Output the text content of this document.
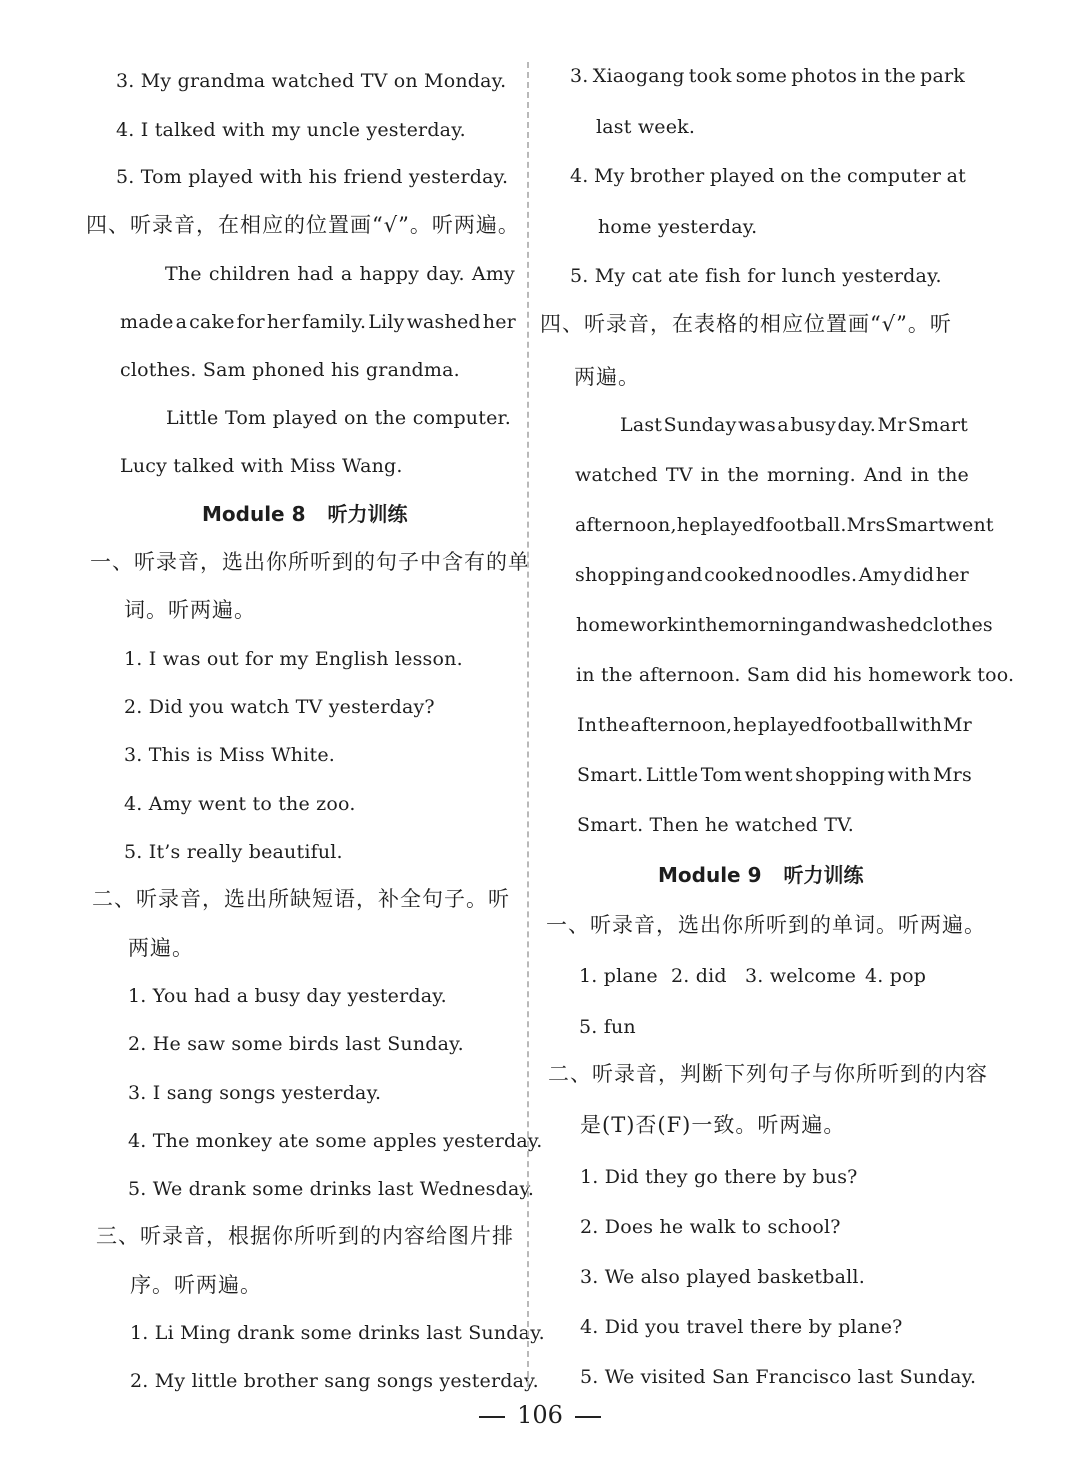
3. My grandma watched TV on Monday.
4. I talked with my uncle yesterday.
5. Tom played with his friend yesterday.
四、听录音，在相应的位置画“√”。听两遍。
The children had a happy day. Amy
made a cake for her family. Lily washed her
clothes. Sam phoned his grandma.
Little Tom played on the computer.
Lucy talked with Miss Wang.
Module 8 听力训练
一、听录音，选出你所听到的句子中含有的单
词。听两遍。
1. I was out for my English lesson.
2. Did you watch TV yesterday?
3. This is Miss White.
4. Amy went to the zoo.
5. It’s really beautiful.
二、听录音，选出所缺短语，补全句子。听
两遍。
1. You had a busy day yesterday.
2. He saw some birds last Sunday.
3. I sang songs yesterday.
4. The monkey ate some apples yesterday.
5. We drank some drinks last Wednesday.
三、听录音，根据你所听到的内容给图片排
序。听两遍。
1. Li Ming drank some drinks last Sunday.
2. My little brother sang songs yesterday.
3. Xiaogang took some photos in the park
last week.
4. My brother played on the computer at
home yesterday.
5. My cat ate fish for lunch yesterday.
四、听录音，在表格的相应位置画“√”。听
两遍。
Last Sunday was a busy day. Mr Smart
watched TV in the morning. And in the
afternoon, he played football. Mrs Smart went
shopping and cooked noodles. Amy did her
homework in the morning and washed clothes
in the afternoon. Sam did his homework too.
In the afternoon, he played football with Mr
Smart. Little Tom went shopping with Mrs
Smart. Then he watched TV.
Module 9 听力训练
一、听录音，选出你所听到的单词。听两遍。
1. plane 2. did 3. welcome 4. pop
5. fun
二、听录音，判断下列句子与你所听到的内容
是(T)否(F)一致。听两遍。
1. Did they go there by bus?
2. Does he walk to school?
3. We also played basketball.
4. Did you travel there by plane?
5. We visited San Francisco last Sunday.
106
